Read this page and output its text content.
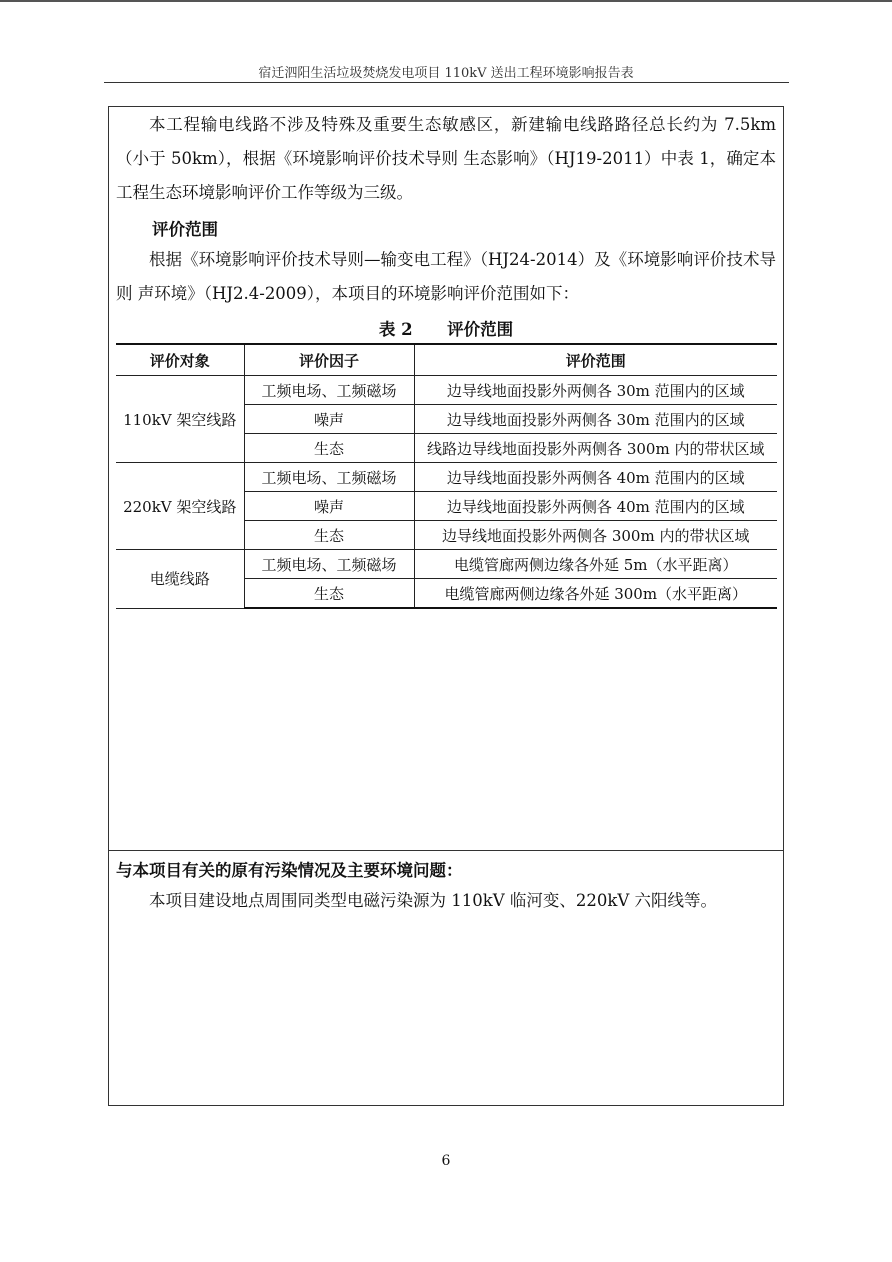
宿迁泗阳生活垃圾焚烧发电项目 110kV 送出工程环境影响报告表

本工程输电线路不涉及特殊及重要生态敏感区，新建输电线路路径总长约为 7.5km（小于 50km），根据《环境影响评价技术导则 生态影响》（HJ19-2011）中表 1，确定本工程生态环境影响评价工作等级为三级。

评价范围

根据《环境影响评价技术导则—输变电工程》（HJ24-2014）及《环境影响评价技术导则 声环境》（HJ2.4-2009），本项目的环境影响评价范围如下：

表 2      评价范围

评价对象	评价因子	评价范围
110kV 架空线路	工频电场、工频磁场	边导线地面投影外两侧各 30m 范围内的区域
	噪声	边导线地面投影外两侧各 30m 范围内的区域
	生态	线路边导线地面投影外两侧各 300m 内的带状区域
220kV 架空线路	工频电场、工频磁场	边导线地面投影外两侧各 40m 范围内的区域
	噪声	边导线地面投影外两侧各 40m 范围内的区域
	生态	边导线地面投影外两侧各 300m 内的带状区域
电缆线路	工频电场、工频磁场	电缆管廊两侧边缘各外延 5m（水平距离）
	生态	电缆管廊两侧边缘各外延 300m（水平距离）

与本项目有关的原有污染情况及主要环境问题：

本项目建设地点周围同类型电磁污染源为 110kV 临河变、220kV 六阳线等。

6
